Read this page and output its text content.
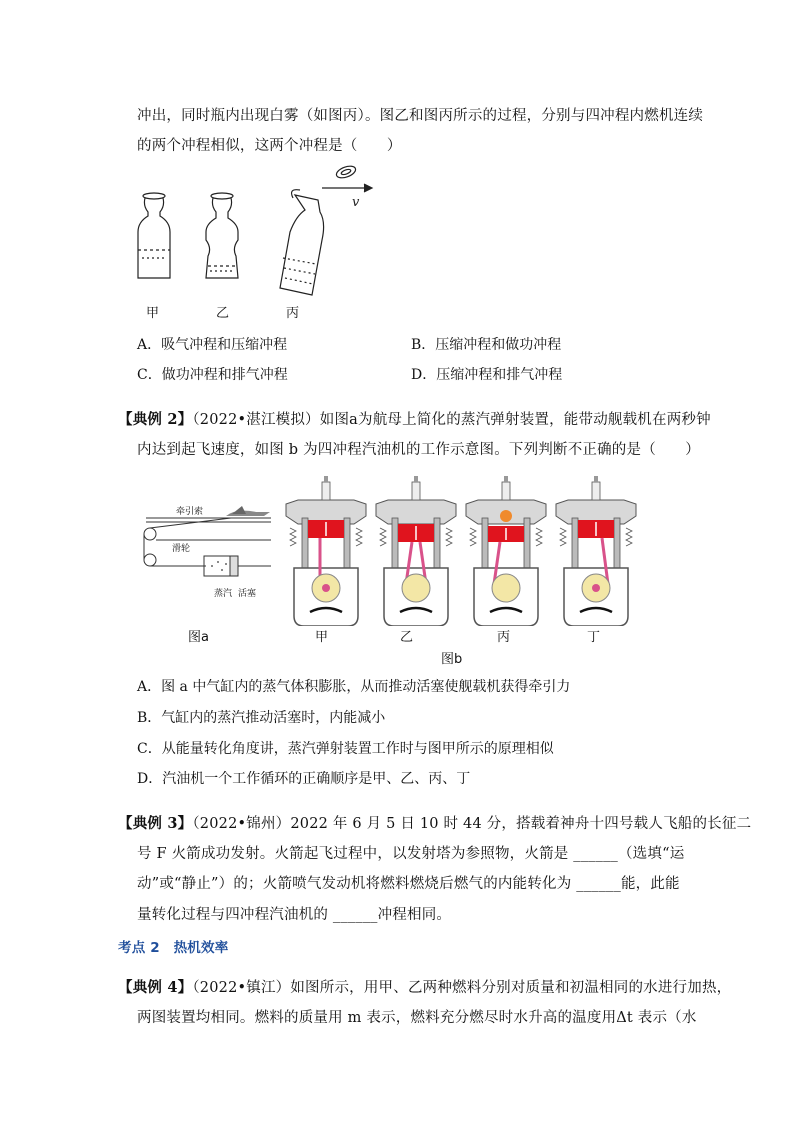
冲出，同时瓶内出现白雾（如图丙）。图乙和图丙所示的过程，分别与四冲程内燃机连续
的两个冲程相似，这两个冲程是（　　）
v
甲	乙	丙
A．吸气冲程和压缩冲程	B．压缩冲程和做功冲程
C．做功冲程和排气冲程	D．压缩冲程和排气冲程
【典例 2】（2022•湛江模拟）如图a为航母上简化的蒸汽弹射装置，能带动舰载机在两秒钟
内达到起飞速度，如图 b 为四冲程汽油机的工作示意图。下列判断不正确的是（　　）
牵引索
滑轮
蒸汽 活塞
图a	甲	乙	丙	丁
图b
A．图 a 中气缸内的蒸气体积膨胀，从而推动活塞使舰载机获得牵引力
B．气缸内的蒸汽推动活塞时，内能减小
C．从能量转化角度讲，蒸汽弹射装置工作时与图甲所示的原理相似
D．汽油机一个工作循环的正确顺序是甲、乙、丙、丁
【典例 3】（2022•锦州）2022 年 6 月 5 日 10 时 44 分，搭载着神舟十四号载人飞船的长征二
号 F 火箭成功发射。火箭起飞过程中，以发射塔为参照物，火箭是 ______（选填“运
动”或“静止”）的；火箭喷气发动机将燃料燃烧后燃气的内能转化为 ______能，此能
量转化过程与四冲程汽油机的 ______冲程相同。
考点 2　热机效率
【典例 4】（2022•镇江）如图所示，用甲、乙两种燃料分别对质量和初温相同的水进行加热，
两图装置均相同。燃料的质量用 m 表示，燃料充分燃尽时水升高的温度用Δt 表示（水
